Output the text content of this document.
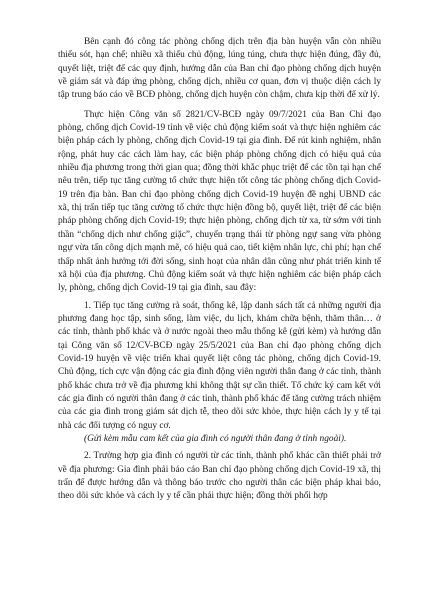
Bên cạnh đó công tác phòng chống dịch trên địa bàn huyện vẫn còn nhiều thiếu sót, hạn chế; nhiều xã thiếu chủ động, lúng túng, chưa thực hiện đúng, đầy đủ, quyết liệt, triệt để các quy định, hướng dẫn của Ban chỉ đạo phòng chống dịch huyện về giám sát và đáp ứng phòng, chống dịch, nhiều cơ quan, đơn vị thuộc diện cách ly tập trung báo cáo về BCĐ phòng, chống dịch huyện còn chậm, chưa kịp thời để xử lý.

Thực hiện Công văn số 2821/CV-BCĐ ngày 09/7/2021 của Ban Chỉ đạo phòng, chống dịch Covid-19 tỉnh về việc chủ động kiểm soát và thực hiện nghiêm các biện pháp cách ly phòng, chống dịch Covid-19 tại gia đình. Để rút kinh nghiệm, nhân rộng, phát huy các cách làm hay, các biện pháp phòng chống dịch có hiệu quả của nhiều địa phương trong thời gian qua; đồng thời khắc phục triệt để các tồn tại hạn chế nêu trên, tiếp tục tăng cường tổ chức thực hiện tốt công tác phòng chống dịch Covid-19 trên địa bàn. Ban chỉ đạo phòng chống dịch Covid-19 huyện đề nghị UBND các xã, thị trấn tiếp tục tăng cường tổ chức thực hiện đồng bộ, quyết liệt, triệt để các biện pháp phòng chống dịch Covid-19; thực hiện phòng, chống dịch từ xa, từ sớm với tinh thần “chống dịch như chống giặc”, chuyển trạng thái từ phòng ngự sang vừa phòng ngự vừa tấn công dịch mạnh mẽ, có hiệu quả cao, tiết kiệm nhân lực, chi phí; hạn chế thấp nhất ảnh hưởng tới đời sống, sinh hoạt của nhân dân cũng như phát triển kinh tế xã hội của địa phương. Chủ động kiểm soát và thực hiện nghiêm các biện pháp cách ly, phòng, chống dịch Covid-19 tại gia đình, sau đây:

1. Tiếp tục tăng cường rà soát, thống kê, lập danh sách tất cả những người địa phương đang học tập, sinh sống, làm việc, du lịch, khám chữa bệnh, thăm thân… ở các tỉnh, thành phố khác và ở nước ngoài theo mẫu thống kê (gửi kèm) và hướng dẫn tại Công văn số 12/CV-BCĐ ngày 25/5/2021 của Ban chỉ đạo phòng chống dịch Covid-19 huyện về việc triển khai quyết liệt công tác phòng, chống dịch Covid-19. Chủ động, tích cực vận động các gia đình động viên người thân đang ở các tỉnh, thành phố khác chưa trở về địa phương khi không thật sự cần thiết. Tổ chức ký cam kết với các gia đình có người thân đang ở các tỉnh, thành phố khác để tăng cường trách nhiệm của các gia đình trong giám sát dịch tễ, theo dõi sức khỏe, thực hiện cách ly y tế tại nhà các đối tượng có nguy cơ.

(Gửi kèm mẫu cam kết của gia đình có người thân đang ở tỉnh ngoài).

2. Trường hợp gia đình có người từ các tỉnh, thành phố khác cần thiết phải trở về địa phương: Gia đình phải báo cáo Ban chỉ đạo phòng chống dịch Covid-19 xã, thị trấn để được hướng dẫn và thông báo trước cho người thân các biện pháp khai báo, theo dõi sức khỏe và cách ly y tế cần phải thực hiện; đồng thời phối hợp
